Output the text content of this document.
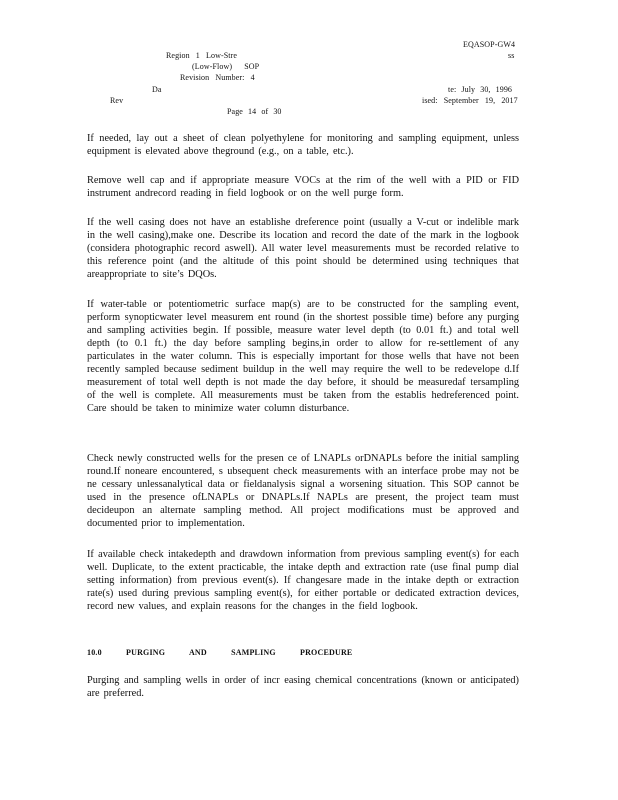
EQASOP-GW4
Region 1 Low-Stre	ss
(Low-Flow) SOP
Revision Number: 4
Da	te: July 30, 1996
Rev	ised: September 19, 2017
Page 14 of 30

If needed, lay out a sheet of clean polyethylene for monitoring and sampling equipment, unless equipment is elevated above theground (e.g., on a table, etc.).

Remove well cap and if appropriate measure VOCs at the rim of the well with a PID or FID instrument andrecord reading in field logbook or on the well purge form.

If the well casing does not have an establishe dreference point (usually a V-cut or indelible mark in the well casing),make one. Describe its location and record the date of the mark in the logbook (considera photographic record aswell). All water level measurements must be recorded relative to this reference point (and the altitude of this point should be determined using techniques that areappropriate to site’s DQOs.

If water-table or potentiometric surface map(s) are to be constructed for the sampling event, perform synopticwater level measurem ent round (in the shortest possible time) before any purging and sampling activities begin. If possible, measure water level depth (to 0.01 ft.) and total well depth (to 0.1 ft.) the day before sampling begins,in order to allow for re-settlement of any particulates in the water column. This is especially important for those wells that have not been recently sampled because sediment buildup in the well may require the well to be redevelope d.If measurement of total well depth is not made the day before, it should be measuredaf tersampling of the well is complete. All measurements must be taken from the establis hedreferenced point. Care should be taken to minimize water column disturbance.

Check newly constructed wells for the presen ce of LNAPLs orDNAPLs before the initial sampling round.If noneare encountered, s ubsequent check measurements with an interface probe may not be ne cessary unlessanalytical data or fieldanalysis signal a worsening situation. This SOP cannot be used in the presence ofLNAPLs or DNAPLs.If NAPLs are present, the project team must decideupon an alternate sampling method. All project modifications must be approved and documented prior to implementation.

If available check intakedepth and drawdown information from previous sampling event(s) for each well. Duplicate, to the extent practicable, the intake depth and extraction rate (use final pump dial setting information) from previous event(s). If changesare made in the intake depth or extraction rate(s) used during previous sampling event(s), for either portable or dedicated extraction devices, record new values, and explain reasons for the changes in the field logbook.

10.0	PURGING AND SAMPLING PROCEDURE

Purging and sampling wells in order of incr easing chemical concentrations (known or anticipated) are preferred.
